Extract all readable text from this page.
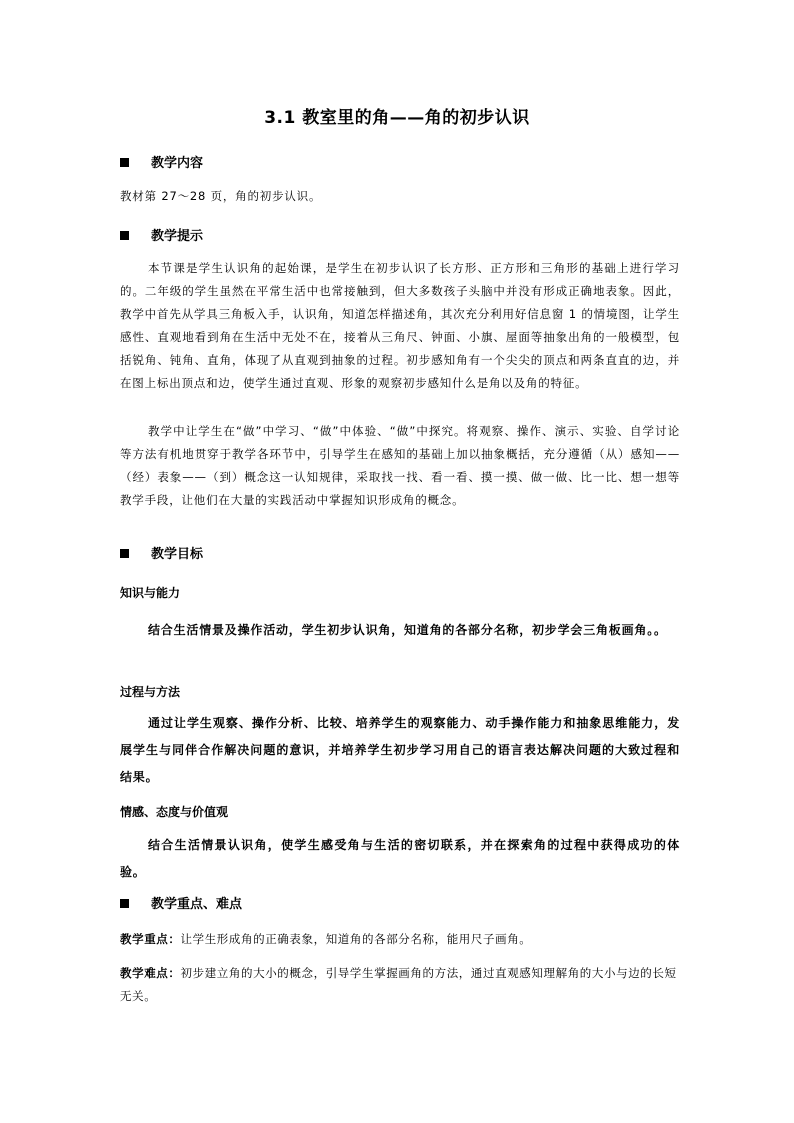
3.1 教室里的角——角的初步认识
教学内容
教材第 27～28 页，角的初步认识。
教学提示
本节课是学生认识角的起始课，是学生在初步认识了长方形、正方形和三角形的基础上进行学习的。二年级的学生虽然在平常生活中也常接触到，但大多数孩子头脑中并没有形成正确地表象。因此，教学中首先从学具三角板入手，认识角，知道怎样描述角，其次充分利用好信息窗 1 的情境图，让学生感性、直观地看到角在生活中无处不在，接着从三角尺、钟面、小旗、屋面等抽象出角的一般模型，包括锐角、钝角、直角，体现了从直观到抽象的过程。初步感知角有一个尖尖的顶点和两条直直的边，并在图上标出顶点和边，使学生通过直观、形象的观察初步感知什么是角以及角的特征。
教学中让学生在“做”中学习、“做”中体验、“做”中探究。将观察、操作、演示、实验、自学讨论等方法有机地贯穿于教学各环节中，引导学生在感知的基础上加以抽象概括，充分遵循（从）感知——（经）表象——（到）概念这一认知规律，采取找一找、看一看、摸一摸、做一做、比一比、想一想等教学手段，让他们在大量的实践活动中掌握知识形成角的概念。
教学目标
知识与能力
结合生活情景及操作活动，学生初步认识角，知道角的各部分名称，初步学会三角板画角。。
过程与方法
通过让学生观察、操作分析、比较、培养学生的观察能力、动手操作能力和抽象思维能力，发展学生与同伴合作解决问题的意识，并培养学生初步学习用自己的语言表达解决问题的大致过程和结果。
情感、态度与价值观
结合生活情景认识角，使学生感受角与生活的密切联系，并在探索角的过程中获得成功的体验。
教学重点、难点
教学重点：让学生形成角的正确表象，知道角的各部分名称，能用尺子画角。
教学难点：初步建立角的大小的概念，引导学生掌握画角的方法，通过直观感知理解角的大小与边的长短无关。
